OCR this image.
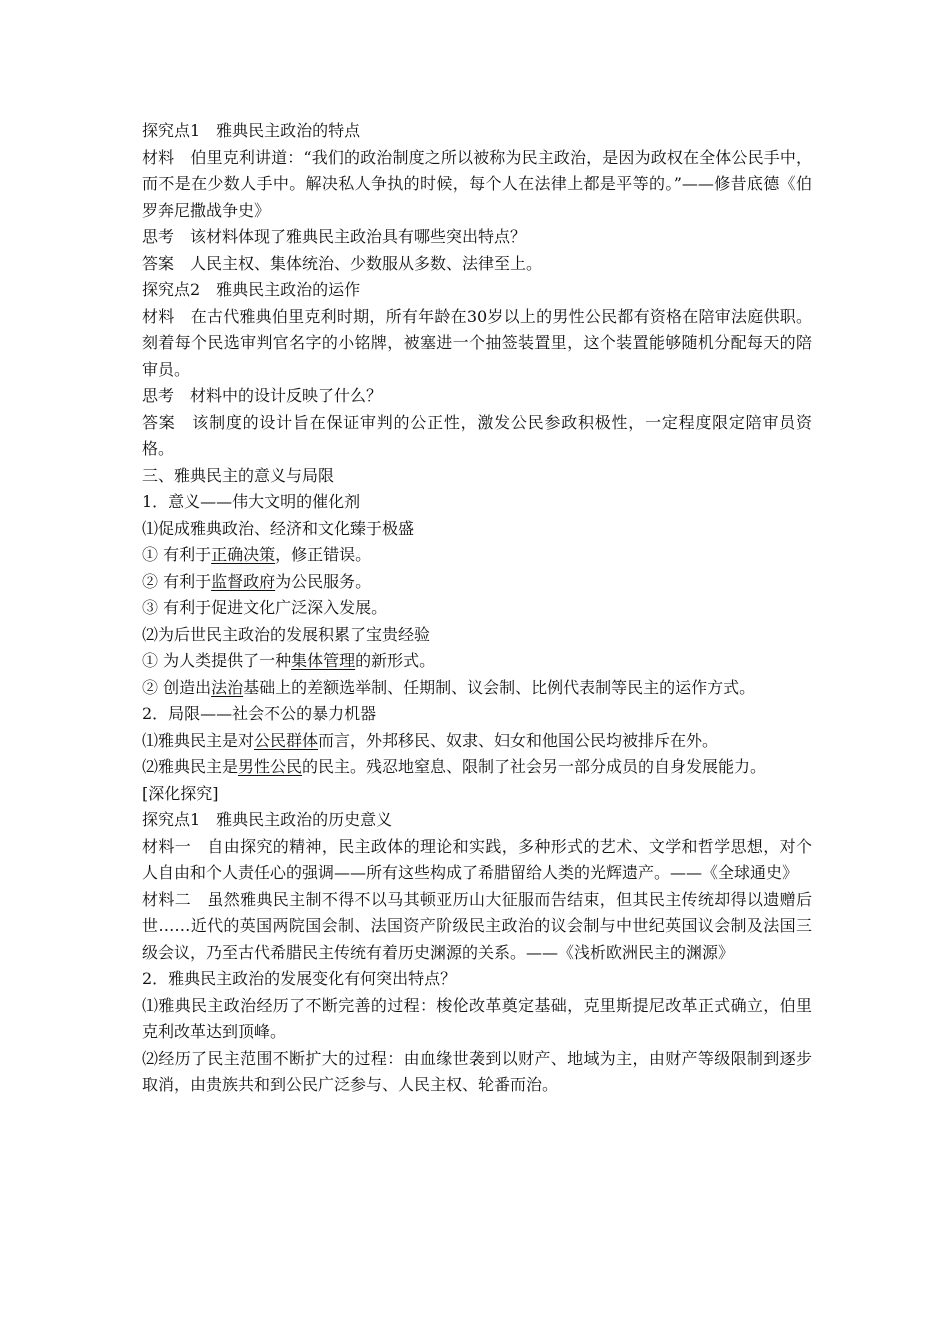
探究点1　雅典民主政治的特点

材料　伯里克利讲道：“我们的政治制度之所以被称为民主政治，是因为政权在全体公民手中，而不是在少数人手中。解决私人争执的时候，每个人在法律上都是平等的。”——修昔底德《伯罗奔尼撒战争史》

思考　该材料体现了雅典民主政治具有哪些突出特点？

答案　人民主权、集体统治、少数服从多数、法律至上。

探究点2　雅典民主政治的运作

材料　在古代雅典伯里克利时期，所有年龄在30岁以上的男性公民都有资格在陪审法庭供职。刻着每个民选审判官名字的小铭牌，被塞进一个抽签装置里，这个装置能够随机分配每天的陪审员。

思考　材料中的设计反映了什么？

答案　该制度的设计旨在保证审判的公正性，激发公民参政积极性，一定程度限定陪审员资格。

三、雅典民主的意义与局限

1．意义——伟大文明的催化剂

⑴促成雅典政治、经济和文化臻于极盛

① 有利于正确决策，修正错误。

② 有利于监督政府为公民服务。

③ 有利于促进文化广泛深入发展。

⑵为后世民主政治的发展积累了宝贵经验

① 为人类提供了一种集体管理的新形式。

② 创造出法治基础上的差额选举制、任期制、议会制、比例代表制等民主的运作方式。

2．局限——社会不公的暴力机器

⑴雅典民主是对公民群体而言，外邦移民、奴隶、妇女和他国公民均被排斥在外。

⑵雅典民主是男性公民的民主。残忍地窒息、限制了社会另一部分成员的自身发展能力。

[深化探究]

探究点1　雅典民主政治的历史意义

材料一　自由探究的精神，民主政体的理论和实践，多种形式的艺术、文学和哲学思想，对个人自由和个人责任心的强调——所有这些构成了希腊留给人类的光辉遗产。——《全球通史》

材料二　虽然雅典民主制不得不以马其顿亚历山大征服而告结束，但其民主传统却得以遗赠后世……近代的英国两院国会制、法国资产阶级民主政治的议会制与中世纪英国议会制及法国三级会议，乃至古代希腊民主传统有着历史渊源的关系。——《浅析欧洲民主的渊源》

2．雅典民主政治的发展变化有何突出特点？

⑴雅典民主政治经历了不断完善的过程：梭伦改革奠定基础，克里斯提尼改革正式确立，伯里克利改革达到顶峰。

⑵经历了民主范围不断扩大的过程：由血缘世袭到以财产、地域为主，由财产等级限制到逐步取消，由贵族共和到公民广泛参与、人民主权、轮番而治。
